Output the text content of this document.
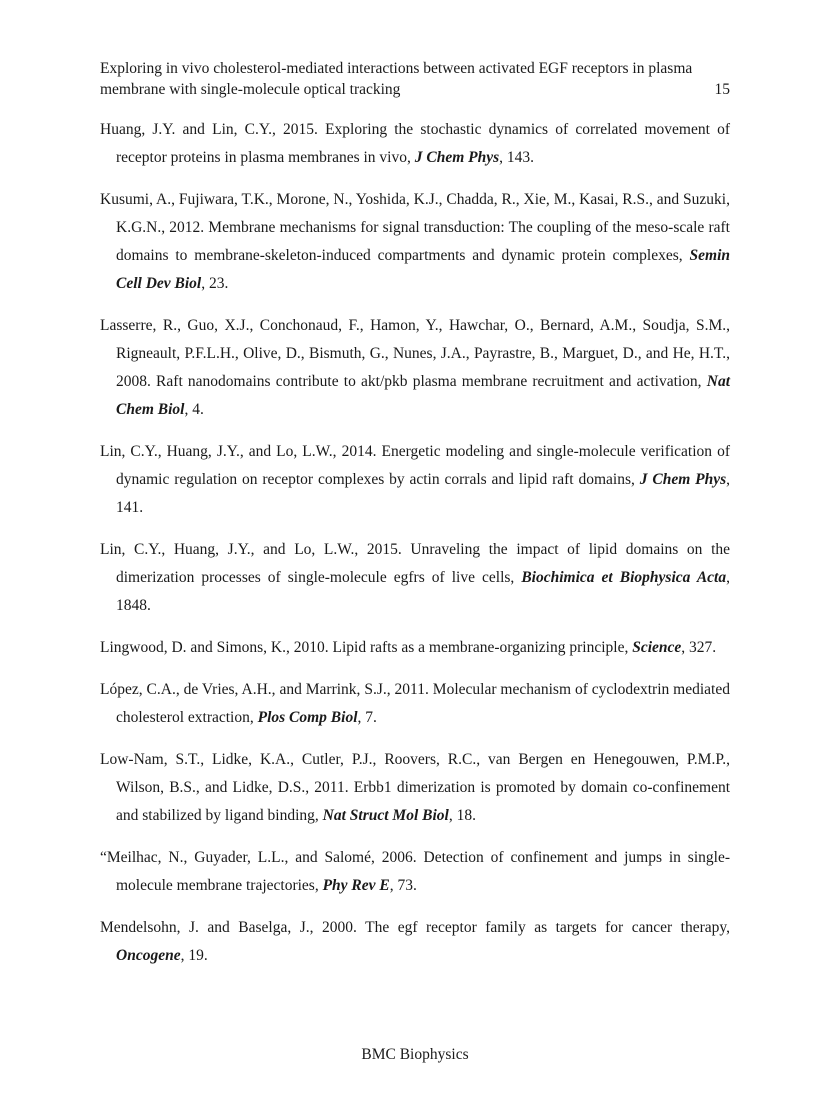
Exploring in vivo cholesterol-mediated interactions between activated EGF receptors in plasma membrane with single-molecule optical tracking	15
Huang, J.Y. and Lin, C.Y., 2015. Exploring the stochastic dynamics of correlated movement of receptor proteins in plasma membranes in vivo, J Chem Phys, 143.
Kusumi, A., Fujiwara, T.K., Morone, N., Yoshida, K.J., Chadda, R., Xie, M., Kasai, R.S., and Suzuki, K.G.N., 2012. Membrane mechanisms for signal transduction: The coupling of the meso-scale raft domains to membrane-skeleton-induced compartments and dynamic protein complexes, Semin Cell Dev Biol, 23.
Lasserre, R., Guo, X.J., Conchonaud, F., Hamon, Y., Hawchar, O., Bernard, A.M., Soudja, S.M., Rigneault, P.F.L.H., Olive, D., Bismuth, G., Nunes, J.A., Payrastre, B., Marguet, D., and He, H.T., 2008. Raft nanodomains contribute to akt/pkb plasma membrane recruitment and activation, Nat Chem Biol, 4.
Lin, C.Y., Huang, J.Y., and Lo, L.W., 2014. Energetic modeling and single-molecule verification of dynamic regulation on receptor complexes by actin corrals and lipid raft domains, J Chem Phys, 141.
Lin, C.Y., Huang, J.Y., and Lo, L.W., 2015. Unraveling the impact of lipid domains on the dimerization processes of single-molecule egfrs of live cells, Biochimica et Biophysica Acta, 1848.
Lingwood, D. and Simons, K., 2010. Lipid rafts as a membrane-organizing principle, Science, 327.
López, C.A., de Vries, A.H., and Marrink, S.J., 2011. Molecular mechanism of cyclodextrin mediated cholesterol extraction, Plos Comp Biol, 7.
Low-Nam, S.T., Lidke, K.A., Cutler, P.J., Roovers, R.C., van Bergen en Henegouwen, P.M.P., Wilson, B.S., and Lidke, D.S., 2011. Erbb1 dimerization is promoted by domain co-confinement and stabilized by ligand binding, Nat Struct Mol Biol, 18.
“Meilhac, N., Guyader, L.L., and Salomé, 2006. Detection of confinement and jumps in single-molecule membrane trajectories, Phy Rev E, 73.
Mendelsohn, J. and Baselga, J., 2000. The egf receptor family as targets for cancer therapy, Oncogene, 19.
BMC Biophysics
